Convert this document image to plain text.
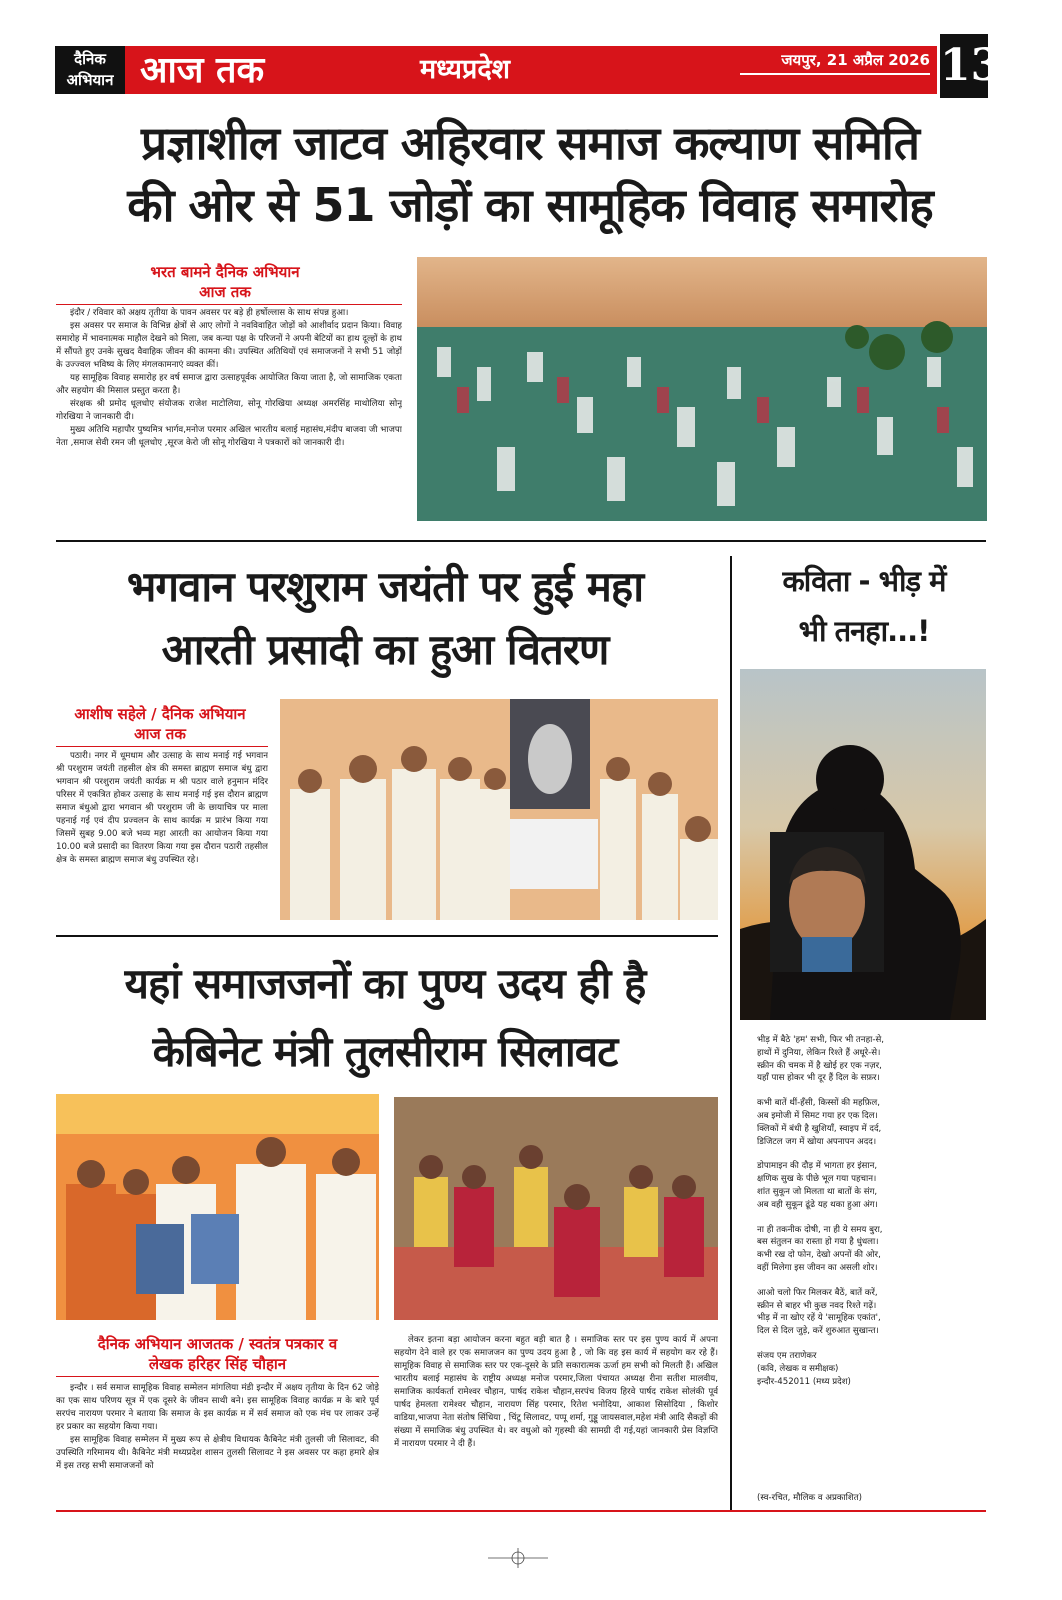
दैनिक
अभियान आज तक	मध्यप्रदेश	जयपुर, 21 अप्रैल 2026 13
प्रज्ञाशील जाटव अहिरवार समाज कल्याण समिति
की ओर से 51 जोड़ों का सामूहिक विवाह समारोह
भरत बामने दैनिक अभियान
आज तक

इंदौर / रविवार को अक्षय तृतीया के पावन अवसर पर बड़े ही हर्षोल्लास के साथ संपन्न हुआ।

इस अवसर पर समाज के विभिन्न क्षेत्रों से आए लोगों ने नवविवाहित जोड़ों को आशीर्वाद प्रदान किया। विवाह समारोह में भावनात्मक माहौल देखने को मिला, जब कन्या पक्ष के परिजनों ने अपनी बेटियों का हाथ दूल्हों के हाथ में सौंपते हुए उनके सुखद वैवाहिक जीवन की कामना की। उपस्थित अतिथियों एवं समाजजनों ने सभी 51 जोड़ों के उज्ज्वल भविष्य के लिए मंगलकामनाएं व्यक्त कीं।

यह सामूहिक विवाह समारोह हर वर्ष समाज द्वारा उत्साहपूर्वक आयोजित किया जाता है, जो सामाजिक एकता और सहयोग की मिसाल प्रस्तुत करता है।

संरक्षक श्री प्रमोद धूलधोए संयोजक राजेश माटोलिया, सोनू गोरखिया अध्यक्ष अमरसिंह माथोलिया सोनू गोरखिया ने जानकारी दी।

मुख्य अतिथि महापौर पुष्यमित्र भार्गव,मनोज परमार अखिल भारतीय बलाई महासंघ,मंदीप बाजवा जी भाजपा नेता ,समाज सेवी रमन जी धूलधोए ,सूरज केरो जी सोनू गोरखिया ने पत्रकारों को जानकारी दी।

भगवान परशुराम जयंती पर हुई महा
आरती प्रसादी का हुआ वितरण
आशीष सहेले / दैनिक अभियान
आज तक

पठारी। नगर में धूमधाम और उत्साह के साथ मनाई गई भगवान श्री परशुराम जयंती तहसील क्षेत्र की समस्त ब्राह्मण समाज बंधु द्वारा भगवान श्री परशुराम जयंती कार्यक्र म श्री पठार वाले हनुमान मंदिर परिसर में एकत्रित होकर उत्साह के साथ मनाई गई इस दौरान ब्राह्मण समाज बंधुओ द्वारा भगवान श्री परशुराम जी के छायाचित्र पर माला पहनाई गई एवं दीप प्रज्वलन के साथ कार्यक्र म प्रारंभ किया गया जिसमें सुबह 9.00 बजे भव्य महा आरती का आयोजन किया गया 10.00 बजे प्रसादी का वितरण किया गया इस दौरान पठारी तहसील क्षेत्र के समस्त ब्राह्मण समाज बंधु उपस्थित रहे।

यहां समाजजनों का पुण्य उदय ही है
केबिनेट मंत्री तुलसीराम सिलावट
दैनिक अभियान आजतक / स्वतंत्र पत्रकार व
लेखक हरिहर सिंह चौहान

इन्दौर । सर्व समाज सामूहिक विवाह सम्मेलन मांगलिया मंडी इन्दौर में अक्षय तृतीया के दिन 62 जोड़े का एक साथ परिणय सूत्र में एक दूसरे के जीवन साथी बने। इस सामूहिक विवाह कार्यक्र म के बारे पूर्व सरपंच नारायण परमार ने बताया कि समाज के इस कार्यक्र म में सर्व समाज को एक मंच पर लाकर उन्हें हर प्रकार का सहयोग किया गया।

इस सामूहिक विवाह सम्मेलन में मुख्य रूप से क्षेत्रीय विधायक कैबिनेट मंत्री तुलसी जी सिलावट, की उपस्थिति गरिमामय थी। कैबिनेट मंत्री मध्यप्रदेश शासन तुलसी सिलावट ने इस अवसर पर कहा हमारे क्षेत्र में इस तरह सभी समाजजनों को

लेकर इतना बड़ा आयोजन करना बहुत बड़ी बात है । समाजिक स्तर पर इस पुण्य कार्य में अपना सहयोग देने वाले हर एक समाजजन का पुण्य उदय हुआ है , जो कि वह इस कार्य में सहयोग कर रहे हैं। सामूहिक विवाह से समाजिक स्तर पर एक-दूसरे के प्रति सकारात्मक ऊर्जा हम सभी को मिलती हैं। अखिल भारतीय बलाई महासंघ के राष्ट्रीय अध्यक्ष मनोज परमार,जिला पंचायत अध्यक्ष रीना सतीश मालवीय, समाजिक कार्यकर्ता रामेश्वर चौहान, पार्षद राकेश चौहान,सरपंच विजय हिरवे पार्षद राकेश सोलंकी पूर्व पार्षद हेमलता रामेश्वर चौहान, नारायण सिंह परमार, रितेश भनोदिया, आकाश सिसोदिया , किशोर वाडिया,भाजपा नेता संतोष सिंधिया , चिंटू सिलावट, पप्पू शर्मा, गुड्डू जायसवाल,महेश मंत्री आदि सैकड़ों की संख्या में समाजिक बंधु उपस्थित थे। वर वधुओ को गृहस्थी की सामग्री दी गई,यहां जानकारी प्रेस विज्ञप्ति में नारायण परमार ने दी हैं।

कविता - भीड़ में
भी तनहा...!
भीड़ में बैठे 'हम' सभी, फिर भी तनहा-से,
हाथों में दुनिया, लेकिन रिश्ते हैं अधूरे-से।
स्क्रीन की चमक में है खोई हर एक नज़र,
यहाँ पास होकर भी दूर हैं दिल के सफ़र।
कभी बातें थीं-हँसी, किस्सों की महफ़िल,
अब इमोजी में सिमट गया हर एक दिल।
क्लिकों में बंधी है खुशियाँ, स्वाइप में दर्द,
डिजिटल जग में खोया अपनापन अदद।
डोपामाइन की दौड़ में भागता हर इंसान,
क्षणिक सुख के पीछे भूल गया पहचान।
शांत सुकून जो मिलता था बातों के संग,
अब वही सुकून ढूंढे यह थका हुआ अंग।
ना ही तकनीक दोषी, ना ही ये समय बुरा,
बस संतुलन का रास्ता हो गया है धुंधला।
कभी रख दो फोन, देखो अपनों की ओर,
वहीं मिलेगा इस जीवन का असली शोर।
आओ चलो फिर मिलकर बैठें, बातें करें,
स्क्रीन से बाहर भी कुछ नवद रिश्ते गढ़ें।
भीड़ में ना खोए रहें ये 'सामूहिक एकांत',
दिल से दिल जुड़े, करें शुरुआत सुखान्त।
संजय एम तराणेकर
(कवि, लेखक व समीक्षक)
इन्दौर-452011 (मध्य प्रदेश)
(स्व-रचित, मौलिक व अप्रकाशित)
